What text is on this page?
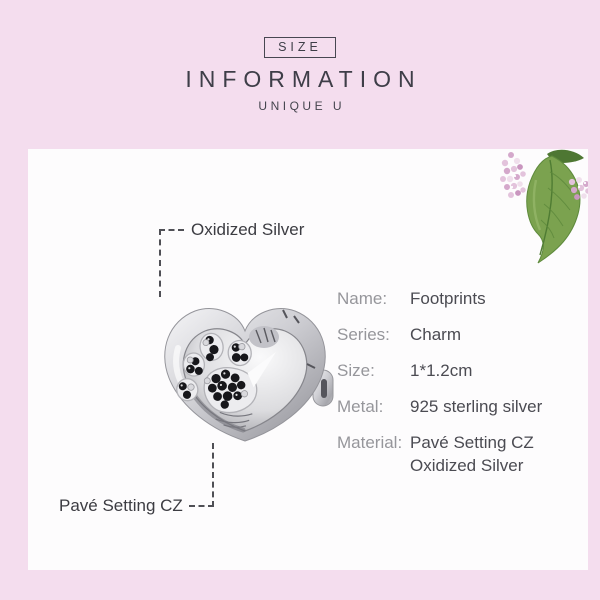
SIZE
INFORMATION
UNIQUE U
Oxidized Silver
Pavé Setting CZ
Name:	Footprints
Series:	Charm
Size:	1*1.2cm
Metal:	925 sterling silver
Material: Pavé Setting CZ
Oxidized Silver
